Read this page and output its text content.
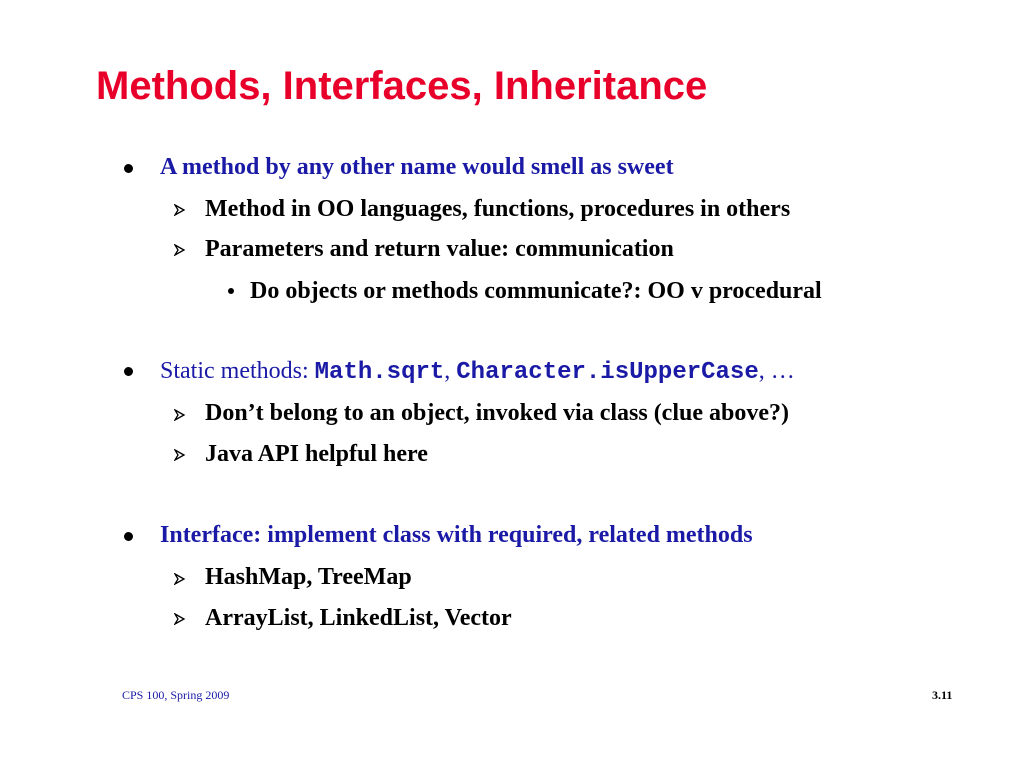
Methods, Interfaces, Inheritance
A method by any other name would smell as sweet
Method in OO languages, functions, procedures in others
Parameters and return value: communication
Do objects or methods communicate?: OO v procedural
Static methods: Math.sqrt, Character.isUpperCase, …
Don’t belong to an object, invoked via class (clue above?)
Java API helpful here
Interface: implement class with required, related methods
HashMap, TreeMap
ArrayList, LinkedList, Vector
CPS 100, Spring 2009	3.11
